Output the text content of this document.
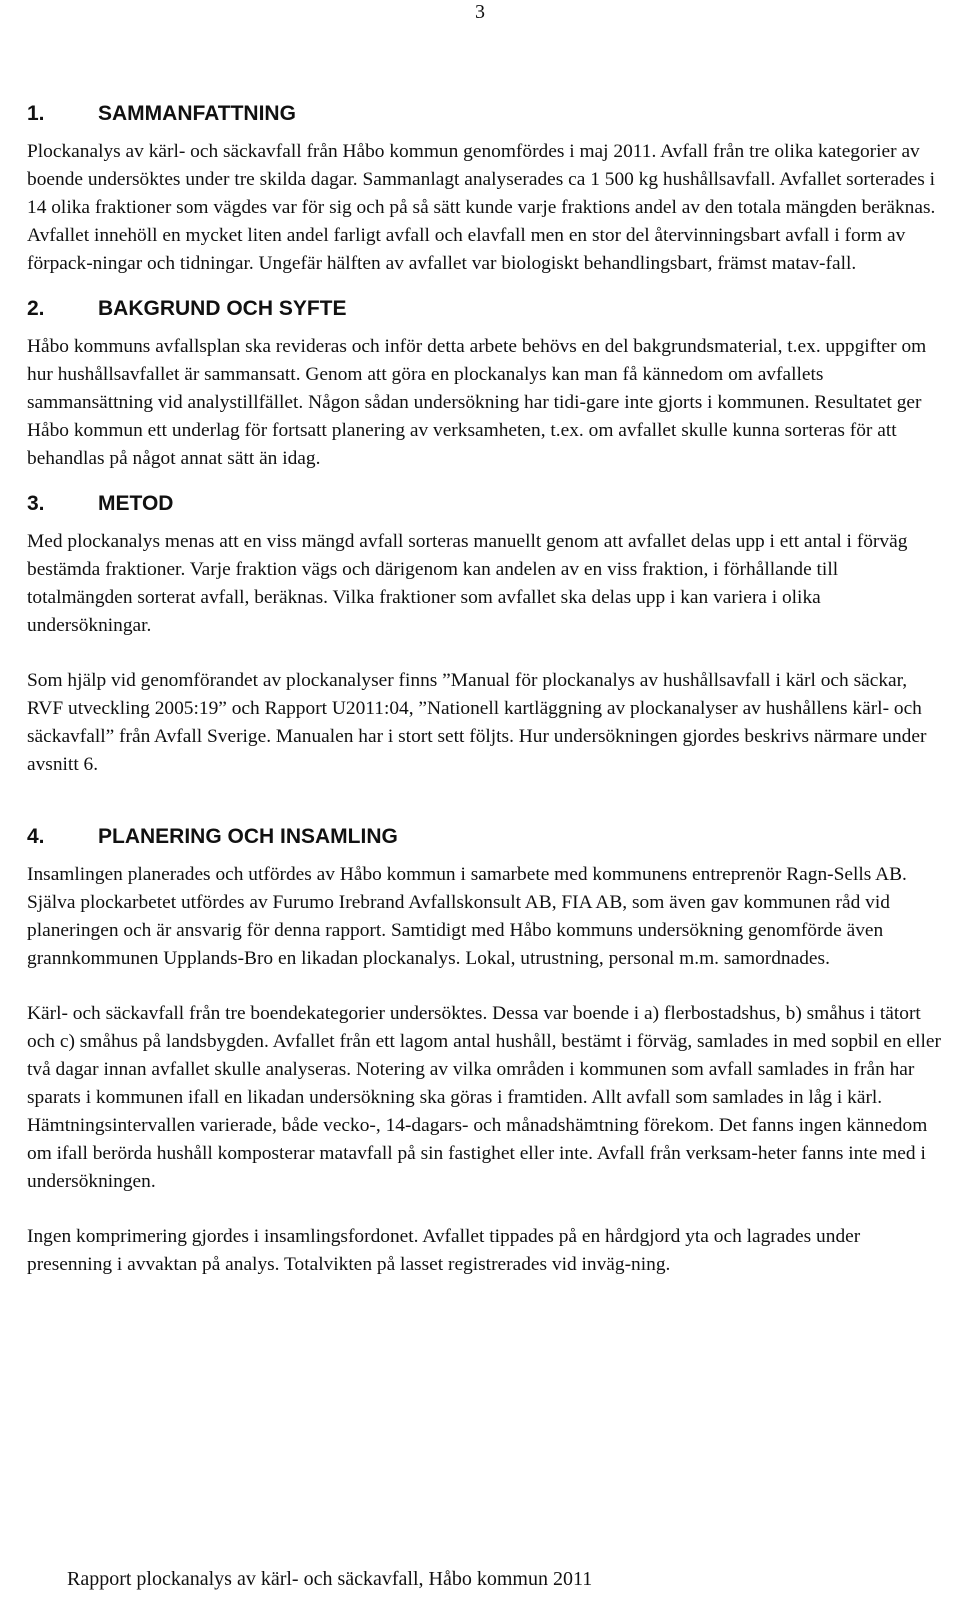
3
1.	SAMMANFATTNING

Plockanalys av kärl- och säckavfall från Håbo kommun genomfördes i maj 2011. Avfall från tre olika kategorier av boende undersöktes under tre skilda dagar. Sammanlagt analyserades ca 1 500 kg hushållsavfall. Avfallet sorterades i 14 olika fraktioner som vägdes var för sig och på så sätt kunde varje fraktions andel av den totala mängden beräknas. Avfallet innehöll en mycket liten andel farligt avfall och elavfall men en stor del återvinningsbart avfall i form av förpack-ningar och tidningar. Ungefär hälften av avfallet var biologiskt behandlingsbart, främst matav-fall.

2.	BAKGRUND OCH SYFTE

Håbo kommuns avfallsplan ska revideras och inför detta arbete behövs en del bakgrundsmaterial, t.ex. uppgifter om hur hushållsavfallet är sammansatt. Genom att göra en plockanalys kan man få kännedom om avfallets sammansättning vid analystillfället. Någon sådan undersökning har tidi-gare inte gjorts i kommunen. Resultatet ger Håbo kommun ett underlag för fortsatt planering av verksamheten, t.ex. om avfallet skulle kunna sorteras för att behandlas på något annat sätt än idag.

3.	METOD

Med plockanalys menas att en viss mängd avfall sorteras manuellt genom att avfallet delas upp i ett antal i förväg bestämda fraktioner. Varje fraktion vägs och därigenom kan andelen av en viss fraktion, i förhållande till totalmängden sorterat avfall, beräknas. Vilka fraktioner som avfallet ska delas upp i kan variera i olika undersökningar.

Som hjälp vid genomförandet av plockanalyser finns ”Manual för plockanalys av hushållsavfall i kärl och säckar, RVF utveckling 2005:19” och Rapport U2011:04, ”Nationell kartläggning av plockanalyser av hushållens kärl- och säckavfall” från Avfall Sverige. Manualen har i stort sett följts. Hur undersökningen gjordes beskrivs närmare under avsnitt 6.

4.	PLANERING OCH INSAMLING

Insamlingen planerades och utfördes av Håbo kommun i samarbete med kommunens entreprenör Ragn-Sells AB. Själva plockarbetet utfördes av Furumo Irebrand Avfallskonsult AB, FIA AB, som även gav kommunen råd vid planeringen och är ansvarig för denna rapport. Samtidigt med Håbo kommuns undersökning genomförde även grannkommunen Upplands-Bro en likadan plockanalys. Lokal, utrustning, personal m.m. samordnades.

Kärl- och säckavfall från tre boendekategorier undersöktes. Dessa var boende i a) flerbostadshus, b) småhus i tätort och c) småhus på landsbygden. Avfallet från ett lagom antal hushåll, bestämt i förväg, samlades in med sopbil en eller två dagar innan avfallet skulle analyseras. Notering av vilka områden i kommunen som avfall samlades in från har sparats i kommunen ifall en likadan undersökning ska göras i framtiden. Allt avfall som samlades in låg i kärl. Hämtningsintervallen varierade, både vecko-, 14-dagars- och månadshämtning förekom. Det fanns ingen kännedom om ifall berörda hushåll komposterar matavfall på sin fastighet eller inte. Avfall från verksam-heter fanns inte med i undersökningen.

Ingen komprimering gjordes i insamlingsfordonet. Avfallet tippades på en hårdgjord yta och lagrades under presenning i avvaktan på analys. Totalvikten på lasset registrerades vid inväg-ning.

Rapport plockanalys av kärl- och säckavfall, Håbo kommun 2011
